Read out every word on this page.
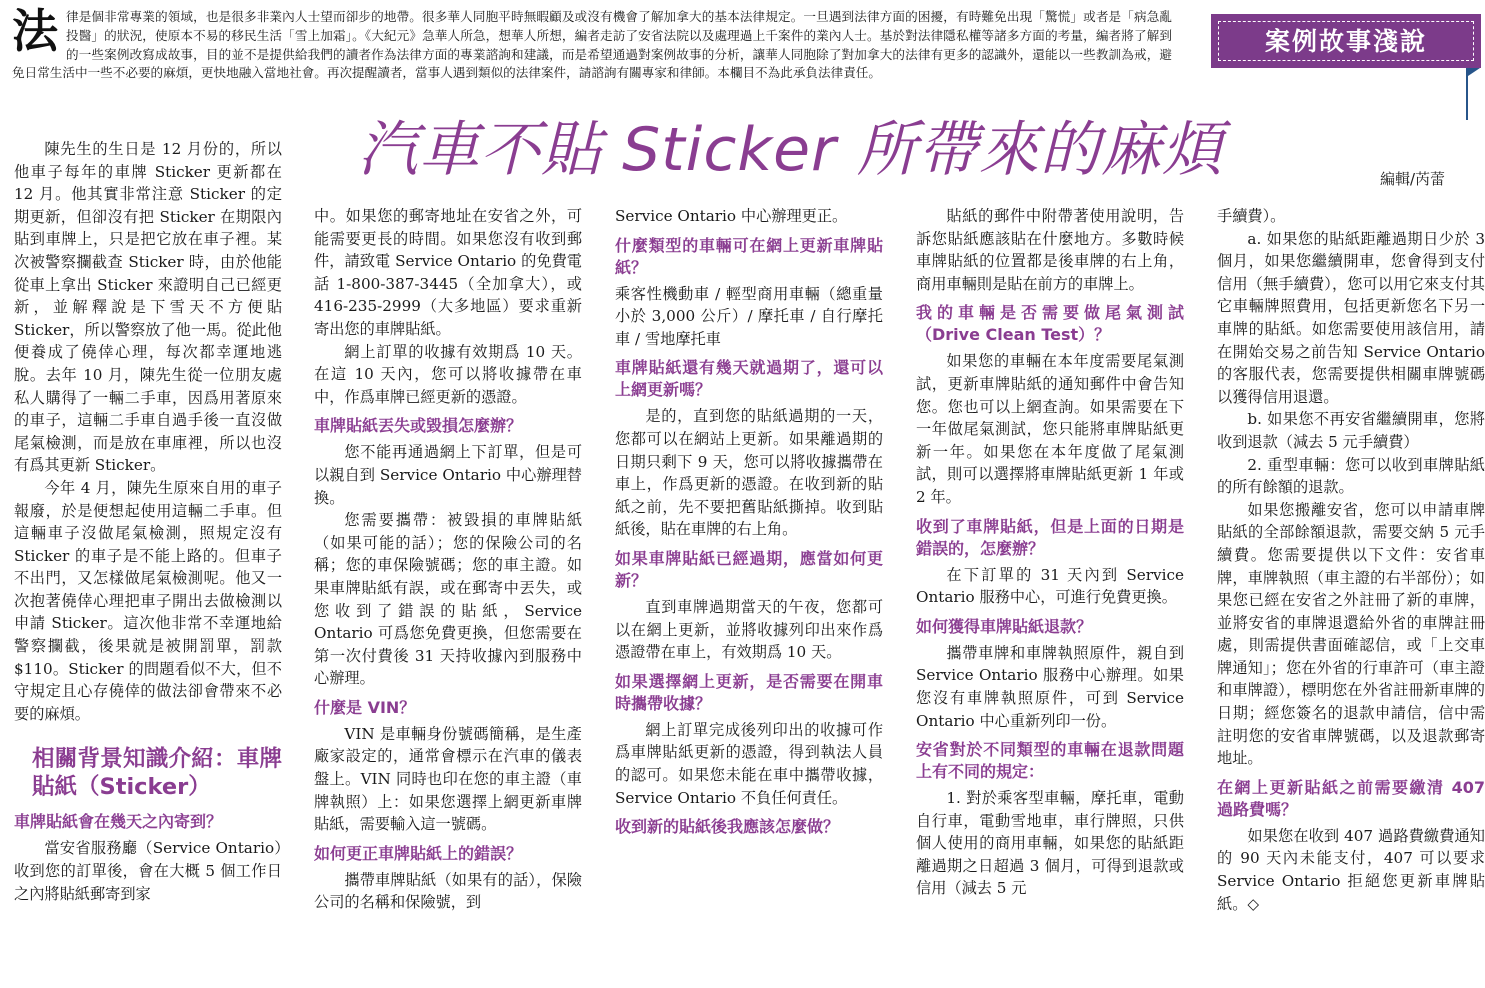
法 律是個非常專業的領域，也是很多非業內人士望而卻步的地帶。很多華人同胞平時無暇顧及或沒有機會了解加拿大的基本法律規定。一旦遇到法律方面的困擾，有時難免出現「驚慌」或者是「病急亂投醫」的狀況，使原本不易的移民生活「雪上加霜」。《大紀元》急華人所急，想華人所想，編者走訪了安省法院以及處理過上千案件的業內人士。基於對法律隱私權等諸多方面的考量，編者將了解到的一些案例改寫成故事，目的並不是提供給我們的讀者作為法律方面的專業諮詢和建議，而是希望通過對案例故事的分析，讓華人同胞除了對加拿大的法律有更多的認識外，還能以一些教訓為戒，避免日常生活中一些不必要的麻煩，更快地融入當地社會。再次提醒讀者，當事人遇到類似的法律案件，請諮詢有關專家和律師。本欄目不為此承負法律責任。
案例故事淺說
汽車不貼 Sticker 所帶來的麻煩	編輯/芮蕾

陳先生的生日是 12 月份的，所以他車子每年的車牌 Sticker 更新都在 12 月。他其實非常注意 Sticker 的定期更新，但卻沒有把 Sticker 在期限內貼到車牌上，只是把它放在車子裡。某次被警察攔截查 Sticker 時，由於他能從車上拿出 Sticker 來證明自己已經更新，並解釋說是下雪天不方便貼 Sticker，所以警察放了他一馬。從此他便養成了僥倖心理，每次都幸運地逃脫。去年 10 月，陳先生從一位朋友處私人購得了一輛二手車，因爲用著原來的車子，這輛二手車自過手後一直沒做尾氣檢測，而是放在車庫裡，所以也沒有爲其更新 Sticker。

今年 4 月，陳先生原來自用的車子報廢，於是便想起使用這輛二手車。但這輛車子沒做尾氣檢測，照規定沒有 Sticker 的車子是不能上路的。但車子不出門，又怎樣做尾氣檢測呢。他又一次抱著僥倖心理把車子開出去做檢測以申請 Sticker。這次他非常不幸運地給警察攔截，後果就是被開罰單，罰款 $110。Sticker 的問題看似不大，但不守規定且心存僥倖的做法卻會帶來不必要的麻煩。

相關背景知識介紹：車牌貼紙（Sticker）
車牌貼紙會在幾天之內寄到？

當安省服務廳（Service Ontario）收到您的訂單後，會在大概 5 個工作日之內將貼紙郵寄到家

中。如果您的郵寄地址在安省之外，可能需要更長的時間。如果您沒有收到郵件，請致電 Service Ontario 的免費電話 1-800-387-3445（全加拿大），或 416-235-2999（大多地區）要求重新寄出您的車牌貼紙。

網上訂單的收據有效期爲 10 天。在這 10 天內，您可以將收據帶在車中，作爲車牌已經更新的憑證。

車牌貼紙丟失或毀損怎麼辦？

您不能再通過網上下訂單，但是可以親自到 Service Ontario 中心辦理替換。

您需要攜帶：被毀損的車牌貼紙（如果可能的話）；您的保險公司的名稱；您的車保險號碼；您的車主證。如果車牌貼紙有誤，或在郵寄中丟失，或您收到了錯誤的貼紙，Service Ontario 可爲您免費更換，但您需要在第一次付費後 31 天持收據內到服務中心辦理。

什麼是 VIN？

VIN 是車輛身份號碼簡稱，是生產廠家設定的，通常會標示在汽車的儀表盤上。VIN 同時也印在您的車主證（車牌執照）上：如果您選擇上網更新車牌貼紙，需要輸入這一號碼。

如何更正車牌貼紙上的錯誤？

攜帶車牌貼紙（如果有的話），保險公司的名稱和保險號，到

Service Ontario 中心辦理更正。

什麼類型的車輛可在網上更新車牌貼紙？

乘客性機動車 / 輕型商用車輛（總重量小於 3,000 公斤）/ 摩托車 / 自行摩托車 / 雪地摩托車

車牌貼紙還有幾天就過期了，還可以上網更新嗎？

是的，直到您的貼紙過期的一天，您都可以在網站上更新。如果離過期的日期只剩下 9 天，您可以將收據攜帶在車上，作爲更新的憑證。在收到新的貼紙之前，先不要把舊貼紙撕掉。收到貼紙後，貼在車牌的右上角。

如果車牌貼紙已經過期，應當如何更新？

直到車牌過期當天的午夜，您都可以在網上更新，並將收據列印出來作爲憑證帶在車上，有效期爲 10 天。

如果選擇網上更新，是否需要在開車時攜帶收據？

網上訂單完成後列印出的收據可作爲車牌貼紙更新的憑證，得到執法人員的認可。如果您未能在車中攜帶收據，Service Ontario 不負任何責任。

收到新的貼紙後我應該怎麼做？

貼紙的郵件中附帶著使用說明，告訴您貼紙應該貼在什麼地方。多數時候車牌貼紙的位置都是後車牌的右上角，商用車輛則是貼在前方的車牌上。

我的車輛是否需要做尾氣測試（Drive Clean Test）？

如果您的車輛在本年度需要尾氣測試，更新車牌貼紙的通知郵件中會告知您。您也可以上網查詢。如果需要在下一年做尾氣測試，您只能將車牌貼紙更新一年。如果您在本年度做了尾氣測試，則可以選擇將車牌貼紙更新 1 年或 2 年。

收到了車牌貼紙，但是上面的日期是錯誤的，怎麼辦？

在下訂單的 31 天內到 Service Ontario 服務中心，可進行免費更換。

如何獲得車牌貼紙退款？

攜帶車牌和車牌執照原件，親自到 Service Ontario 服務中心辦理。如果您沒有車牌執照原件，可到 Service Ontario 中心重新列印一份。

安省對於不同類型的車輛在退款問題上有不同的規定：

1. 對於乘客型車輛，摩托車，電動自行車，電動雪地車，車行牌照，只供個人使用的商用車輛，如果您的貼紙距離過期之日超過 3 個月，可得到退款或信用（減去 5 元

手續費）。

a. 如果您的貼紙距離過期日少於 3 個月，如果您繼續開車，您會得到支付信用（無手續費），您可以用它來支付其它車輛牌照費用，包括更新您名下另一車牌的貼紙。如您需要使用該信用，請在開始交易之前告知 Service Ontario 的客服代表，您需要提供相關車牌號碼以獲得信用退還。

b. 如果您不再安省繼續開車，您將收到退款（減去 5 元手續費）

2. 重型車輛：您可以收到車牌貼紙的所有餘額的退款。

如果您搬離安省，您可以申請車牌貼紙的全部餘額退款，需要交納 5 元手續費。您需要提供以下文件：安省車牌，車牌執照（車主證的右半部份）；如果您已經在安省之外註冊了新的車牌，並將安省的車牌退還給外省的車牌註冊處，則需提供書面確認信，或「上交車牌通知」；您在外省的行車許可（車主證和車牌證），標明您在外省註冊新車牌的日期；經您簽名的退款申請信，信中需註明您的安省車牌號碼，以及退款郵寄地址。

在網上更新貼紙之前需要繳清 407 過路費嗎？

如果您在收到 407 過路費繳費通知的 90 天內未能支付，407 可以要求 Service Ontario 拒絕您更新車牌貼紙。◇
